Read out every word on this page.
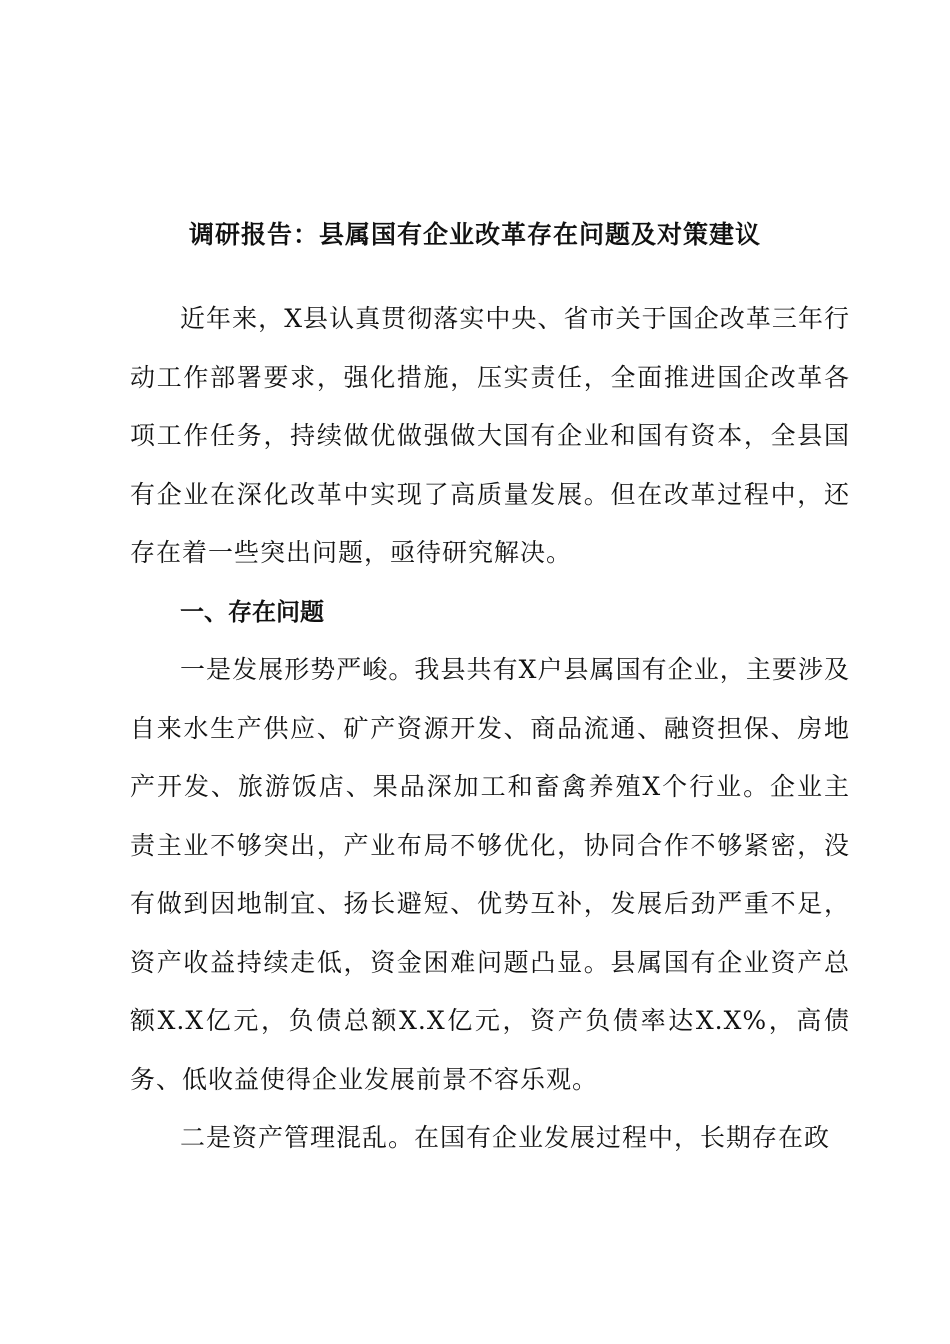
调研报告：县属国有企业改革存在问题及对策建议

近年来，X县认真贯彻落实中央、省市关于国企改革三年行动工作部署要求，强化措施，压实责任，全面推进国企改革各项工作任务，持续做优做强做大国有企业和国有资本，全县国有企业在深化改革中实现了高质量发展。但在改革过程中，还存在着一些突出问题，亟待研究解决。

一、存在问题

一是发展形势严峻。我县共有X户县属国有企业，主要涉及自来水生产供应、矿产资源开发、商品流通、融资担保、房地产开发、旅游饭店、果品深加工和畜禽养殖X个行业。企业主责主业不够突出，产业布局不够优化，协同合作不够紧密，没有做到因地制宜、扬长避短、优势互补，发展后劲严重不足，资产收益持续走低，资金困难问题凸显。县属国有企业资产总额X.X亿元，负债总额X.X亿元，资产负债率达X.X%，高债务、低收益使得企业发展前景不容乐观。

二是资产管理混乱。在国有企业发展过程中，长期存在政
